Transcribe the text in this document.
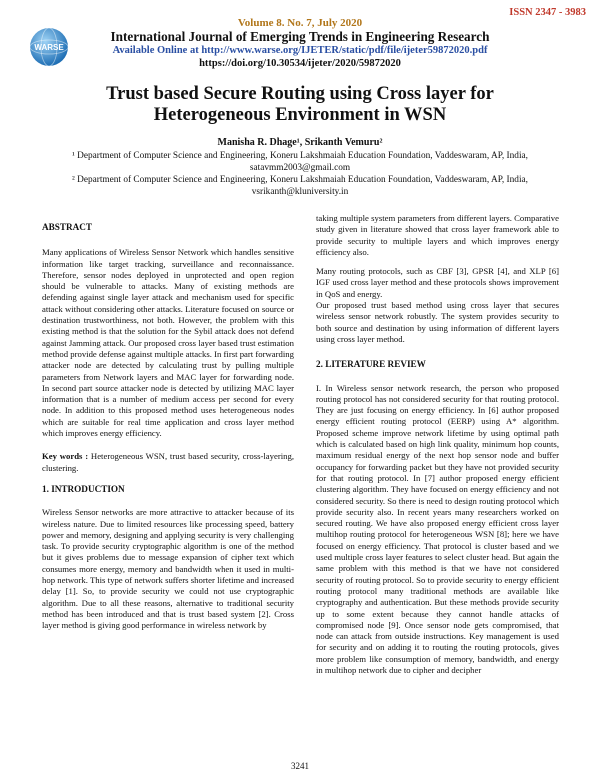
ISSN 2347 - 3983
WARSE
Volume 8. No. 7, July 2020
International Journal of Emerging Trends in Engineering Research
Available Online at http://www.warse.org/IJETER/static/pdf/file/ijeter59872020.pdf
https://doi.org/10.30534/ijeter/2020/59872020
Trust based Secure Routing using Cross layer for Heterogeneous Environment in WSN
Manisha R. Dhage¹, Srikanth Vemuru²
¹ Department of Computer Science and Engineering, Koneru Lakshmaiah Education Foundation, Vaddeswaram, AP, India, satavmm2003@gmail.com
² Department of Computer Science and Engineering, Koneru Lakshmaiah Education Foundation, Vaddeswaram, AP, India, vsrikanth@kluniversity.in

ABSTRACT

Many applications of Wireless Sensor Network which handles sensitive information like target tracking, surveillance and reconnaissance. Therefore, sensor nodes deployed in unprotected and open region should be vulnerable to attacks. Many of existing methods are defending against single layer attack and mechanism used for specific attack without considering other attacks. Literature focused on source or destination trustworthiness, not both. However, the problem with this existing method is that the solution for the Sybil attack does not defend against Jamming attack. Our proposed cross layer based trust estimation method provide defense against multiple attacks. In first part forwarding attacker node are detected by calculating trust by pulling multiple parameters from Network layers and MAC layer for forwarding node. In second part source attacker node is detected by utilizing MAC layer information that is a number of medium access per second for every node. In addition to this proposed method uses heterogeneous nodes which are suitable for real time application and cross layer method which improves energy efficiency.

Key words : Heterogeneous WSN, trust based security, cross-layering, clustering.

1. INTRODUCTION

Wireless Sensor networks are more attractive to attacker because of its wireless nature. Due to limited resources like processing speed, battery power and memory, designing and applying security is very challenging task. To provide security cryptographic algorithm is one of the method but it gives problems due to message expansion of cipher text which consumes more energy, memory and bandwidth when it used in multi-hop network. This type of network suffers shorter lifetime and increased delay [1]. So, to provide security we could not use cryptographic algorithm. Due to all these reasons, alternative to traditional security method has been introduced and that is trust based system [2]. Cross layer method is giving good performance in wireless network by

taking multiple system parameters from different layers. Comparative study given in literature showed that cross layer framework able to provide security to multiple layers and which improves energy efficiency also.

Many routing protocols, such as CBF [3], GPSR [4], and XLP [6] IGF used cross layer method and these protocols shows improvement in QoS and energy.

Our proposed trust based method using cross layer that secures wireless sensor network robustly. The system provides security to both source and destination by using information of different layers using cross layer method.

2. LITERATURE REVIEW

I. In Wireless sensor network research, the person who proposed routing protocol has not considered security for that routing protocol. They are just focusing on energy efficiency. In [6] author proposed energy efficient routing protocol (EERP) using A* algorithm. Proposed scheme improve network lifetime by using optimal path which is calculated based on high link quality, minimum hop counts, maximum residual energy of the next hop sensor node and buffer occupancy for forwarding packet but they have not provided security for that routing protocol. In [7] author proposed energy efficient clustering algorithm. They have focused on energy efficiency and not considered security. So there is need to design routing protocol which provide security also. In recent years many researchers worked on secured routing. We have also proposed energy efficient cross layer multihop routing protocol for heterogeneous WSN [8]; here we have focused on energy efficiency. That protocol is cluster based and we used multiple cross layer features to select cluster head. But again the same problem with this method is that we have not considered security of routing protocol. So to provide security to energy efficient routing protocol many traditional methods are available like cryptography and authentication. But these methods provide security up to some extent because they cannot handle attacks of compromised node [9]. Once sensor node gets compromised, that node can attack from outside instructions. Key management is used for security and on adding it to routing the routing protocols, gives more problem like consumption of memory, bandwidth, and energy in multihop network due to cipher and decipher

3241
